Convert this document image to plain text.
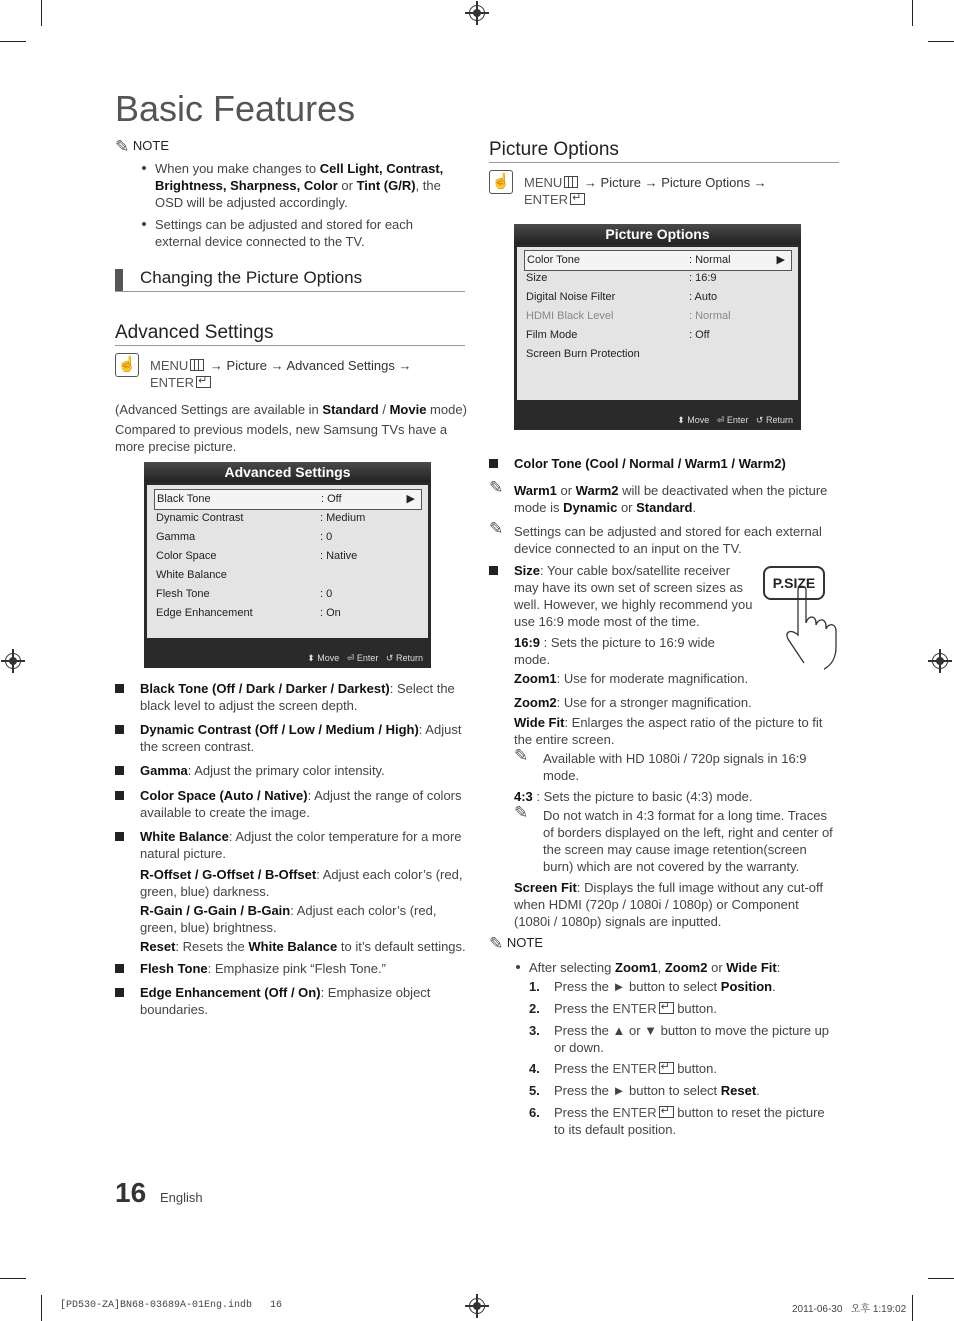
Basic Features
✎ NOTE
When you make changes to Cell Light, Contrast, Brightness, Sharpness, Color or Tint (G/R), the OSD will be adjusted accordingly.
Settings can be adjusted and stored for each external device connected to the TV.
Changing the Picture Options
Advanced Settings
☝ MENU → Picture → Advanced Settings →
ENTER↵
(Advanced Settings are available in Standard / Movie mode)
Compared to previous models, new Samsung TVs have a more precise picture.
Advanced Settings
Black Tone	: Off	▶
Dynamic Contrast	: Medium
Gamma	: 0
Color Space	: Native
White Balance
Flesh Tone	: 0
Edge Enhancement	: On
⬍ Move ⏎ Enter ↺ Return
Black Tone (Off / Dark / Darker / Darkest): Select the black level to adjust the screen depth.
Dynamic Contrast (Off / Low / Medium / High): Adjust the screen contrast.
Gamma: Adjust the primary color intensity.
Color Space (Auto / Native): Adjust the range of colors available to create the image.
White Balance: Adjust the color temperature for a more natural picture.
R-Offset / G-Offset / B-Offset: Adjust each color’s (red, green, blue) darkness.
R-Gain / G-Gain / B-Gain: Adjust each color’s (red, green, blue) brightness.
Reset: Resets the White Balance to it’s default settings.
Flesh Tone: Emphasize pink “Flesh Tone.”
Edge Enhancement (Off / On): Emphasize object boundaries.
Picture Options
☝ MENU → Picture → Picture Options →
ENTER↵
Picture Options
Color Tone	: Normal	▶
Size	: 16:9
Digital Noise Filter	: Auto
HDMI Black Level	: Normal
Film Mode	: Off
Screen Burn Protection
⬍ Move ⏎ Enter ↺ Return
Color Tone (Cool / Normal / Warm1 / Warm2)
✎ Warm1 or Warm2 will be deactivated when the picture mode is Dynamic or Standard.
✎ Settings can be adjusted and stored for each external device connected to an input on the TV.
Size: Your cable box/satellite receiver may have its own set of screen sizes as well. However, we highly recommend you use 16:9 mode most of the time.
P.SIZE
16:9 : Sets the picture to 16:9 wide mode.
Zoom1: Use for moderate magnification.
Zoom2: Use for a stronger magnification.
Wide Fit: Enlarges the aspect ratio of the picture to fit the entire screen.
✎ Available with HD 1080i / 720p signals in 16:9 mode.
4:3 : Sets the picture to basic (4:3) mode.
✎ Do not watch in 4:3 format for a long time. Traces of borders displayed on the left, right and center of the screen may cause image retention(screen burn) which are not covered by the warranty.
Screen Fit: Displays the full image without any cut-off when HDMI (720p / 1080i / 1080p) or Component (1080i / 1080p) signals are inputted.
✎ NOTE
After selecting Zoom1, Zoom2 or Wide Fit:
1. Press the ► button to select Position.
2. Press the ENTER↵ button.
3. Press the ▲ or ▼ button to move the picture up or down.
4. Press the ENTER↵ button.
5. Press the ► button to select Reset.
6. Press the ENTER↵ button to reset the picture to its default position.
16 English
[PD530-ZA]BN68-03689A-01Eng.indb   16	2011-06-30   오후 1:19:02
